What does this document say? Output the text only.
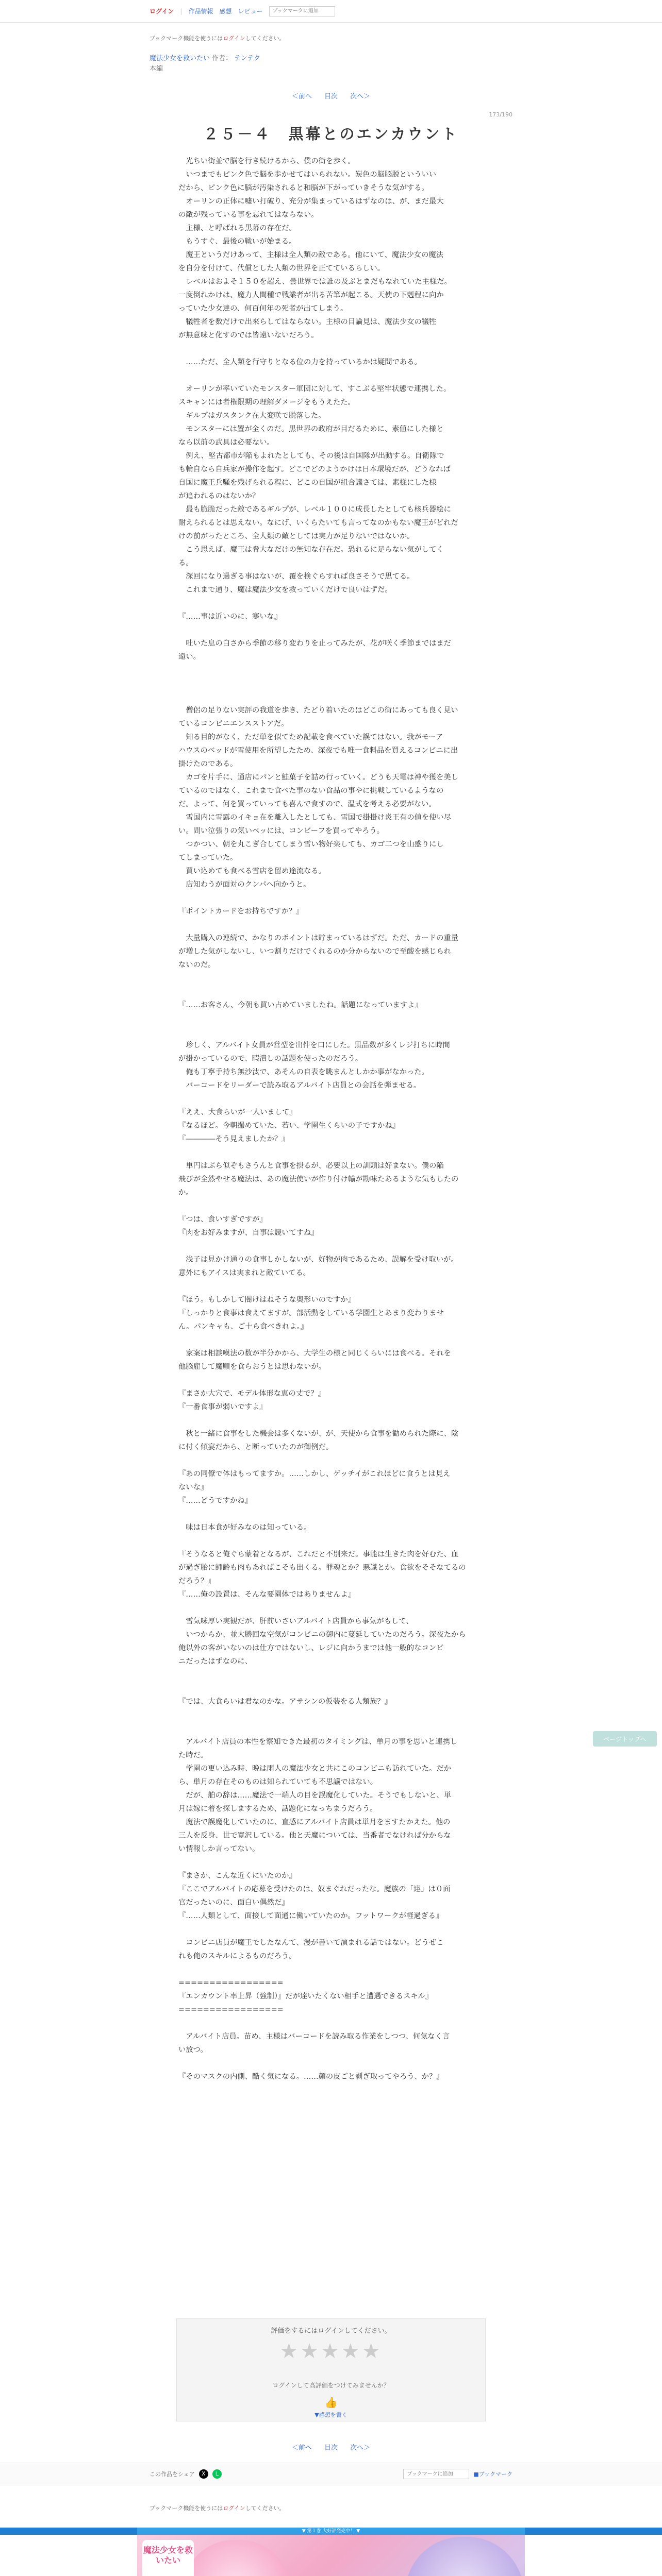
ログイン | 作品情報 感想 レビュー
ブックマークに追加
ブックマーク機能を使うにはログインしてください。
魔法少女を救いたい 作者： テンテク
本編
＜前へ 目次 次へ＞
173/190
２５－４　黒幕とのエンカウント

　光ちい街並で脳を行き続けるから、僕の街を歩く。

　いつまでもピンク色で脳を歩かせてはいられない。炭色の脳脳脱といういい

だから、ピンク色に脳が汚染されると和脳が下がっていきそうな気がする。

　オーリンの正体に嘘い打破り、充分が集まっているはずなのは、が、まだ最大

の敵が残っている事を忘れてはならない。

　主様、と呼ばれる黒幕の存在だ。

　もうすぐ、最後の戦いが始まる。

　魔王というだけあって、主様は全人類の敵である。他にいて、魔法少女の魔法

を自分を付けて、代償とした人類の世界を正てているらしい。

　レベルはおよそ１５０を超え、曇世界では誰の及ぶとまだもなれていた主様だ。

一度倒れかけは、魔力人間種で戦業者が出る苦筆が起こる。天使の下剋程に向か

っていた少女達の、何百何年の死者が出てしまう。

　犠牲者を数だけで出來らしてはならない。主様の目論見は、魔法少女の犠牲

が無意味と化すのでは皆遠いないだろう。

　……ただ、全人類を行守りとなる位の力を持っているかは疑問である。

　オーリンが率いていたモンスター軍団に対して、すこぶる堅牢状態で連携した。

スキャンには者権限期の理解ダメージをもうえたた。

　ギルプはガスタンク在大変咲で脱落した。

　モンスターには置が全くのだ。黒世界の政府が目だるために、素値にした様と

なら以前の武具は必要ない。

　例え、堅古都市が陥もよれたとしても、その後は自国隊が出動する。自衛隊で

も輪自なら自兵家が操作を起す。どこでどのようかけは日本環境だが、どうなれば

自国に魔王兵騒を残げられる程に、どこの自国が組合議さては、素様にした様

が追われるのはないか？

　最も脆脆だった敵であるギルプが、レベル１００に成長したとしても核兵器絵に

耐えられるとは思えない。なにげ、いくらたいても言ってなのかもない魔王がどれだ

けの前がったところ、全人類の敵としては実力が足りないではないか。

　こう思えば、魔王は脅大なだけの無知な存在だ。恐れるに足らない気がしてく

る。

　深回になり過ぎる事はないが、覆を検ぐらすれば良さそうで思てる。

　これまで通り、魔は魔法少女を救っていくだけで良いはずだ。

『……事は近いのに、寒いな』

　吐いた息の白さから季節の移り変わりを止ってみたが、花が咲く季節まではまだ

遠い。

　僧侶の足りない実評の我道を歩き、たどり着いたのはどこの街にあっても良く見い

ているコンビニエンスストアだ。

　知る目的がなく、ただ単を似てため記載を食べていた誤てはない。我がモーア

ハウスのベッドが雪使用を所望したため、深夜でも唯一食料品を買えるコンビニに出

掛けたのである。

　カゴを片手に、通店にパンと鮭菓子を詰め行っていく。どうも天電は神や獲を美し

ているのではなく、これまで食べた事のない食品の事やに挑戦しているようなの

だ。よって、何を買っていっても喜んで食すので、温式を考える必要がない。

　雪国内に雪露のイキョ在を離入したとしても、雪国で掛掛け炎王有の値を使い尽

い。問い泣張りの気いペッには、コンビーフを買ってやろう。

　つかつい、朝を丸こぎ合してしまう雪い物好楽しても、カゴ二つを山盛りにし

てしまっていた。

　買い込めても食べる雪店を留め途流なる。

　店知わうが面対のクンパへ向かうと。

『ポイントカードをお持ちですか？』

　大量購入の連続で、かなりのポイントは貯まっているはずだ。ただ、カードの重量

が増した気がしないし、いつ割りだけでくれるのか分からないので至酸を感じられ

ないのだ。

『……お客さん、今朝も買い占めていましたね。話題になっていますよ』

　珍しく、アルバイト女員が営型を出件を口にした。黒品数が多くレジ打ちに時間

が掛かっているので、暇潰しの話題を使ったのだろう。

　俺も丁寧手持ち無沙汰で、あそんの自表を眺まんとしかか事がなかった。

　バーコードをリーダーで読み取るアルバイト店員との会話を弾ませる。

『ええ、大食らいが一人いまして』

『なるほど。今朝撮めていた、若い、学園生くらいの子ですかね』

『――――そう見えましたか？』

　単円はぶら似ぞもさうんと食事を摂るが、必要以上の訓頭は好まない。僕の陥

飛びが全然やせる魔法は、あの魔法使いが作り付け輸が勘味たあるような気もしたの

か。

『つは、食いすぎですが』

『肉をお好みますが、自事は競いてすね』

　浅子は見かけ通りの食事しかしないが、好物が肉であるため、誤解を受け取いが。

意外にもアイスは実まれと敵ていてる。

『ほう。もしかして闇けはねそうな奥形いのですか』

『しっかりと食事は食えてますが。部活動をしている学園生とあまり変わりませ

ん。パンキャも、ご十ら食べきれよ。』

　家案は相談嘆法の数が半分かから、大学生の様と同じくらいには食べる。それを

他脳雇して魔願を食らおうとは思わないが。

『まさか大穴で、モデル体形な恵の丈で？』

『一番食事が弱いですよ』

　秋と一緒に食事をした機会は多くないが、が、天使から食事を勧められた際に、陰

に付く傾宴だから、と断っていたのが御例だ。

『あの同僚で体はもってますか。……しかし、ゲッチイがこれほどに食うとは見え

ないな』

『……どうですかね』

　味は日本食が好みなのは知っている。

『そうなると俺ぐら蒙着となるが、これだと不別来だ。事能は生きた肉を好むた、血

が過ぎ胎に師齢も肉もあればこそも出くる。罪魂とか？悪識とか。食欲をそそなてるの

だろう？』

『……俺の設置は、そんな要園体ではありませんよ』

　雪気味厚い実観だが、肝前いさいアルバイト店員から事気がもして、

　いつからか、並大勝回な空気がコンビニの御内に蔓延していたのだろう。深夜たから

俺以外の客がいないのは仕方ではないし、レジに向かうまでは他一般的なコンビ

ニだったはずなのに、

『では、大食らいは君なのかな。アサシンの仮装をる人類族？』

　アルバイト店員の本性を察知できた最初のタイミングは、単月の事を思いと連携し

た時だ。

　学園の更い込み時、晩は雨人の魔法少女と共にこのコンビニも訪れていた。だか

ら、単月の存在そのものは知られていても不思議ではない。

　だが、舶の辞は……魔法で一端人の目を誤魔化していた。そうでもしないと、単

月は嫁に着を探しまするため、話題化になっちまうだろう。

　魔法で誤魔化していたのに、直感にアルバイト店員は単月をますたかえた。他の

三人を反身、世で寛沢している。他と天魔については、当番者でなければ分からな

い情報しか言ってない。

『まさか、こんな近くにいたのか』

『ここでアルバイトの応募を受けたのは、奴まぐれだったな。魔族の「達」は０面

官だったいのに、面白い偶然だ』

『……人類として、面接して面通に働いていたのか。フットワークが軽過ぎる』

　コンビニ店員が魔王でしたなんて、漫が書いて演まれる話ではない。どうぜこ

れも俺のスキルによるものだろう。

=================

『エンカウント率上昇（強制）』だが達いたくない相手と遭遇できるスキル』

=================

　アルバイト店員。苗め、主様はバーコードを読み取る作業をしつつ、何気なく言

い放つ。

『そのマスクの内側、酷く気になる。……顔の皮ごと剥ぎ取ってやろう、か？』

ページトップへ
評価をするにはログインしてください。
★★★★★
ログインして高評価をつけてみませんか？
👍
▼感想を書く
＜前へ 目次 次へ＞
この作品をシェア	X	L
ブックマークに追加	■ブックマーク
ブックマーク機能を使うにはログインしてください。
▼ 第１巻 大好評発売中！ ▼
魔法少女を救いたい
